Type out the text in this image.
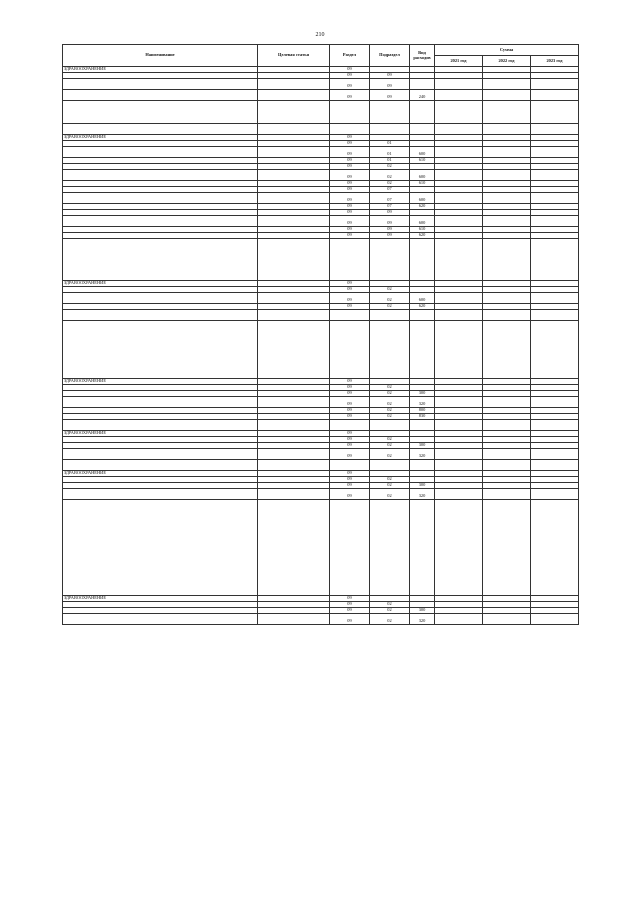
210
Наименование	Целевая статья	Раздел	Подраздел	Вид расходов	Сумма		
					2021 год	2022 год	2023 год
ЗДРАВООХРАНЕНИЕ		09					
		09	09				
		09	09				
		09	09	240			

ЗДРАВООХРАНЕНИЕ		09					
		09	01				
		09	01	600			
		09	01	610			
		09	02				
		09	02	600			
		09	02	610			
		09	07				
		09	07	600			
		09	07	620			
		09	09				
		09	09	600			
		09	09	610			
		09	09	620			

ЗДРАВООХРАНЕНИЕ		09					
		09	02				
		09	02	600			
		09	02	620			

ЗДРАВООХРАНЕНИЕ		09					
		09	02				
		09	02	300			
		09	02	320			
		09	02	800			
		09	02	830			

ЗДРАВООХРАНЕНИЕ		09					
		09	02				
		09	02	300			
		09	02	320			

ЗДРАВООХРАНЕНИЕ		09					
		09	02				
		09	02	300			
		09	02	320			

ЗДРАВООХРАНЕНИЕ		09					
		09	02				
		09	02	300			
		09	02	320			
